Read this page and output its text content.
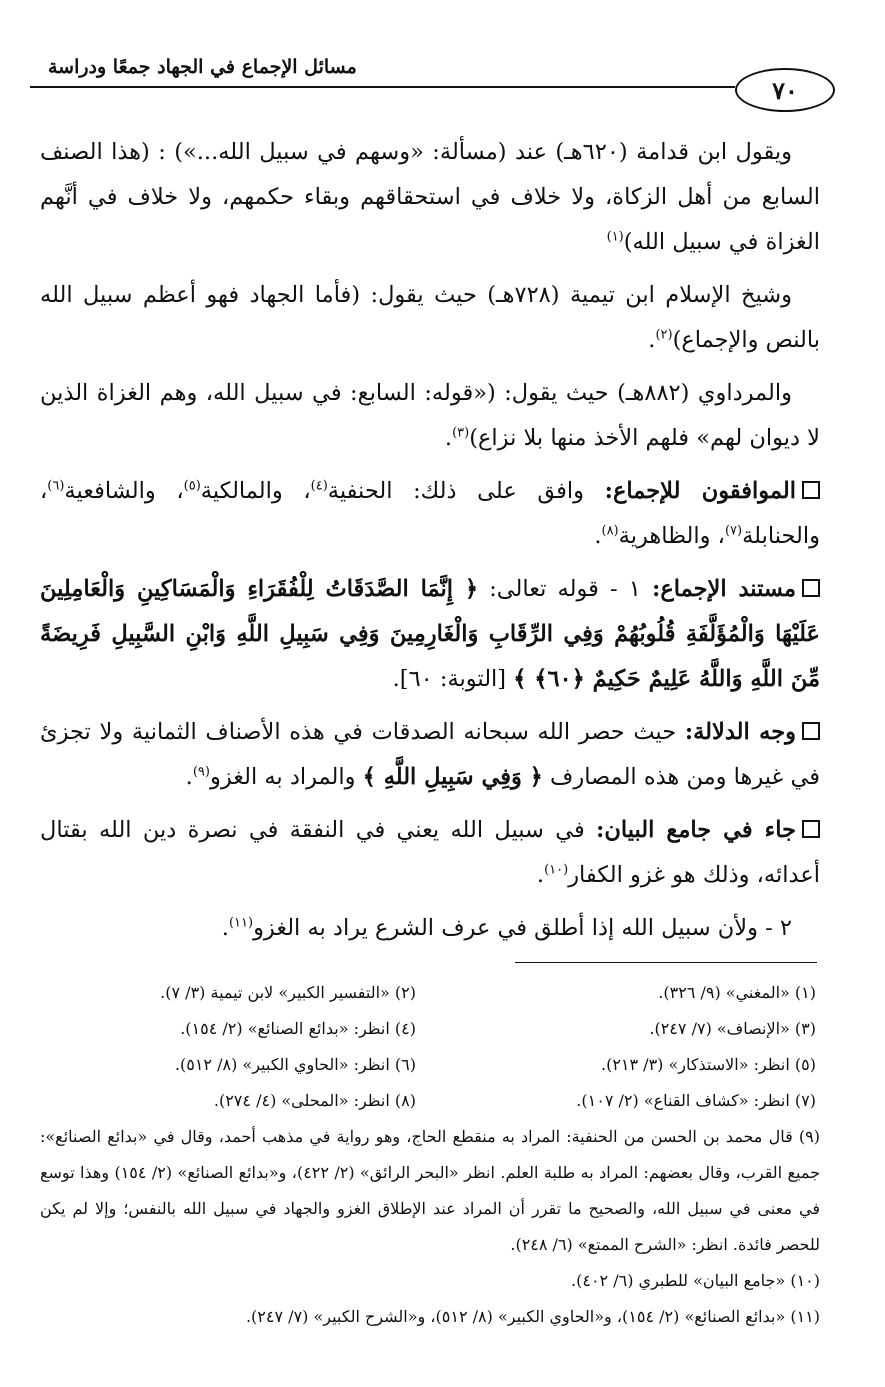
مسائل الإجماع في الجهاد جمعًا ودراسة
٧٠

ويقول ابن قدامة (٦٢٠هـ) عند (مسألة: «وسهم في سبيل الله...») : (هذا الصنف السابع من أهل الزكاة، ولا خلاف في استحقاقهم وبقاء حكمهم، ولا خلاف في أنَّهم الغزاة في سبيل الله)$^{(١)}$

وشيخ الإسلام ابن تيمية (٧٢٨هـ) حيث يقول: (فأما الجهاد فهو أعظم سبيل الله بالنص والإجماع)$^{(٢)}$.

والمرداوي (٨٨٢هـ) حيث يقول: («قوله: السابع: في سبيل الله، وهم الغزاة الذين لا ديوان لهم» فلهم الأخذ منها بلا نزاع)$^{(٣)}$.

الموافقون للإجماع: وافق على ذلك: الحنفية$^{(٤)}$، والمالكية$^{(٥)}$، والشافعية$^{(٦)}$، والحنابلة$^{(٧)}$، والظاهرية$^{(٨)}$.

مستند الإجماع: ١ - قوله تعالى: ﴿ إِنَّمَا الصَّدَقَاتُ لِلْفُقَرَاءِ وَالْمَسَاكِينِ وَالْعَامِلِينَ عَلَيْهَا وَالْمُؤَلَّفَةِ قُلُوبُهُمْ وَفِي الرِّقَابِ وَالْغَارِمِينَ وَفِي سَبِيلِ اللَّهِ وَابْنِ السَّبِيلِ فَرِيضَةً مِّنَ اللَّهِ وَاللَّهُ عَلِيمٌ حَكِيمٌ ﴿٦٠﴾ ﴾ [التوبة: ٦٠].

وجه الدلالة: حيث حصر الله سبحانه الصدقات في هذه الأصناف الثمانية ولا تجزئ في غيرها ومن هذه المصارف ﴿ وَفِي سَبِيلِ اللَّهِ ﴾ والمراد به الغزو$^{(٩)}$.

جاء في جامع البيان: في سبيل الله يعني في النفقة في نصرة دين الله بقتال أعدائه، وذلك هو غزو الكفار$^{(١٠)}$.

٢ - ولأن سبيل الله إذا أطلق في عرف الشرع يراد به الغزو$^{(١١)}$.

(١) «المغني» (٩/ ٣٢٦).
(٢) «التفسير الكبير» لابن تيمية (٣/ ٧).
(٣) «الإنصاف» (٧/ ٢٤٧).
(٤) انظر: «بدائع الصنائع» (٢/ ١٥٤).
(٥) انظر: «الاستذكار» (٣/ ٢١٣).
(٦) انظر: «الحاوي الكبير» (٨/ ٥١٢).
(٧) انظر: «كشاف القناع» (٢/ ١٠٧).
(٨) انظر: «المحلى» (٤/ ٢٧٤).
(٩) قال محمد بن الحسن من الحنفية: المراد به منقطع الحاج، وهو رواية في مذهب أحمد، وقال في «بدائع الصنائع»: جميع القرب، وقال بعضهم: المراد به طلبة العلم. انظر «البحر الرائق» (٢/ ٤٢٢)، و«بدائع الصنائع» (٢/ ١٥٤) وهذا توسع في معنى في سبيل الله، والصحيح ما تقرر أن المراد عند الإطلاق الغزو والجهاد في سبيل الله بالنفس؛ وإلا لم يكن للحصر فائدة. انظر: «الشرح الممتع» (٦/ ٢٤٨).
(١٠) «جامع البيان» للطبري (٦/ ٤٠٢).
(١١) «بدائع الصنائع» (٢/ ١٥٤)، و«الحاوي الكبير» (٨/ ٥١٢)، و«الشرح الكبير» (٧/ ٢٤٧).
